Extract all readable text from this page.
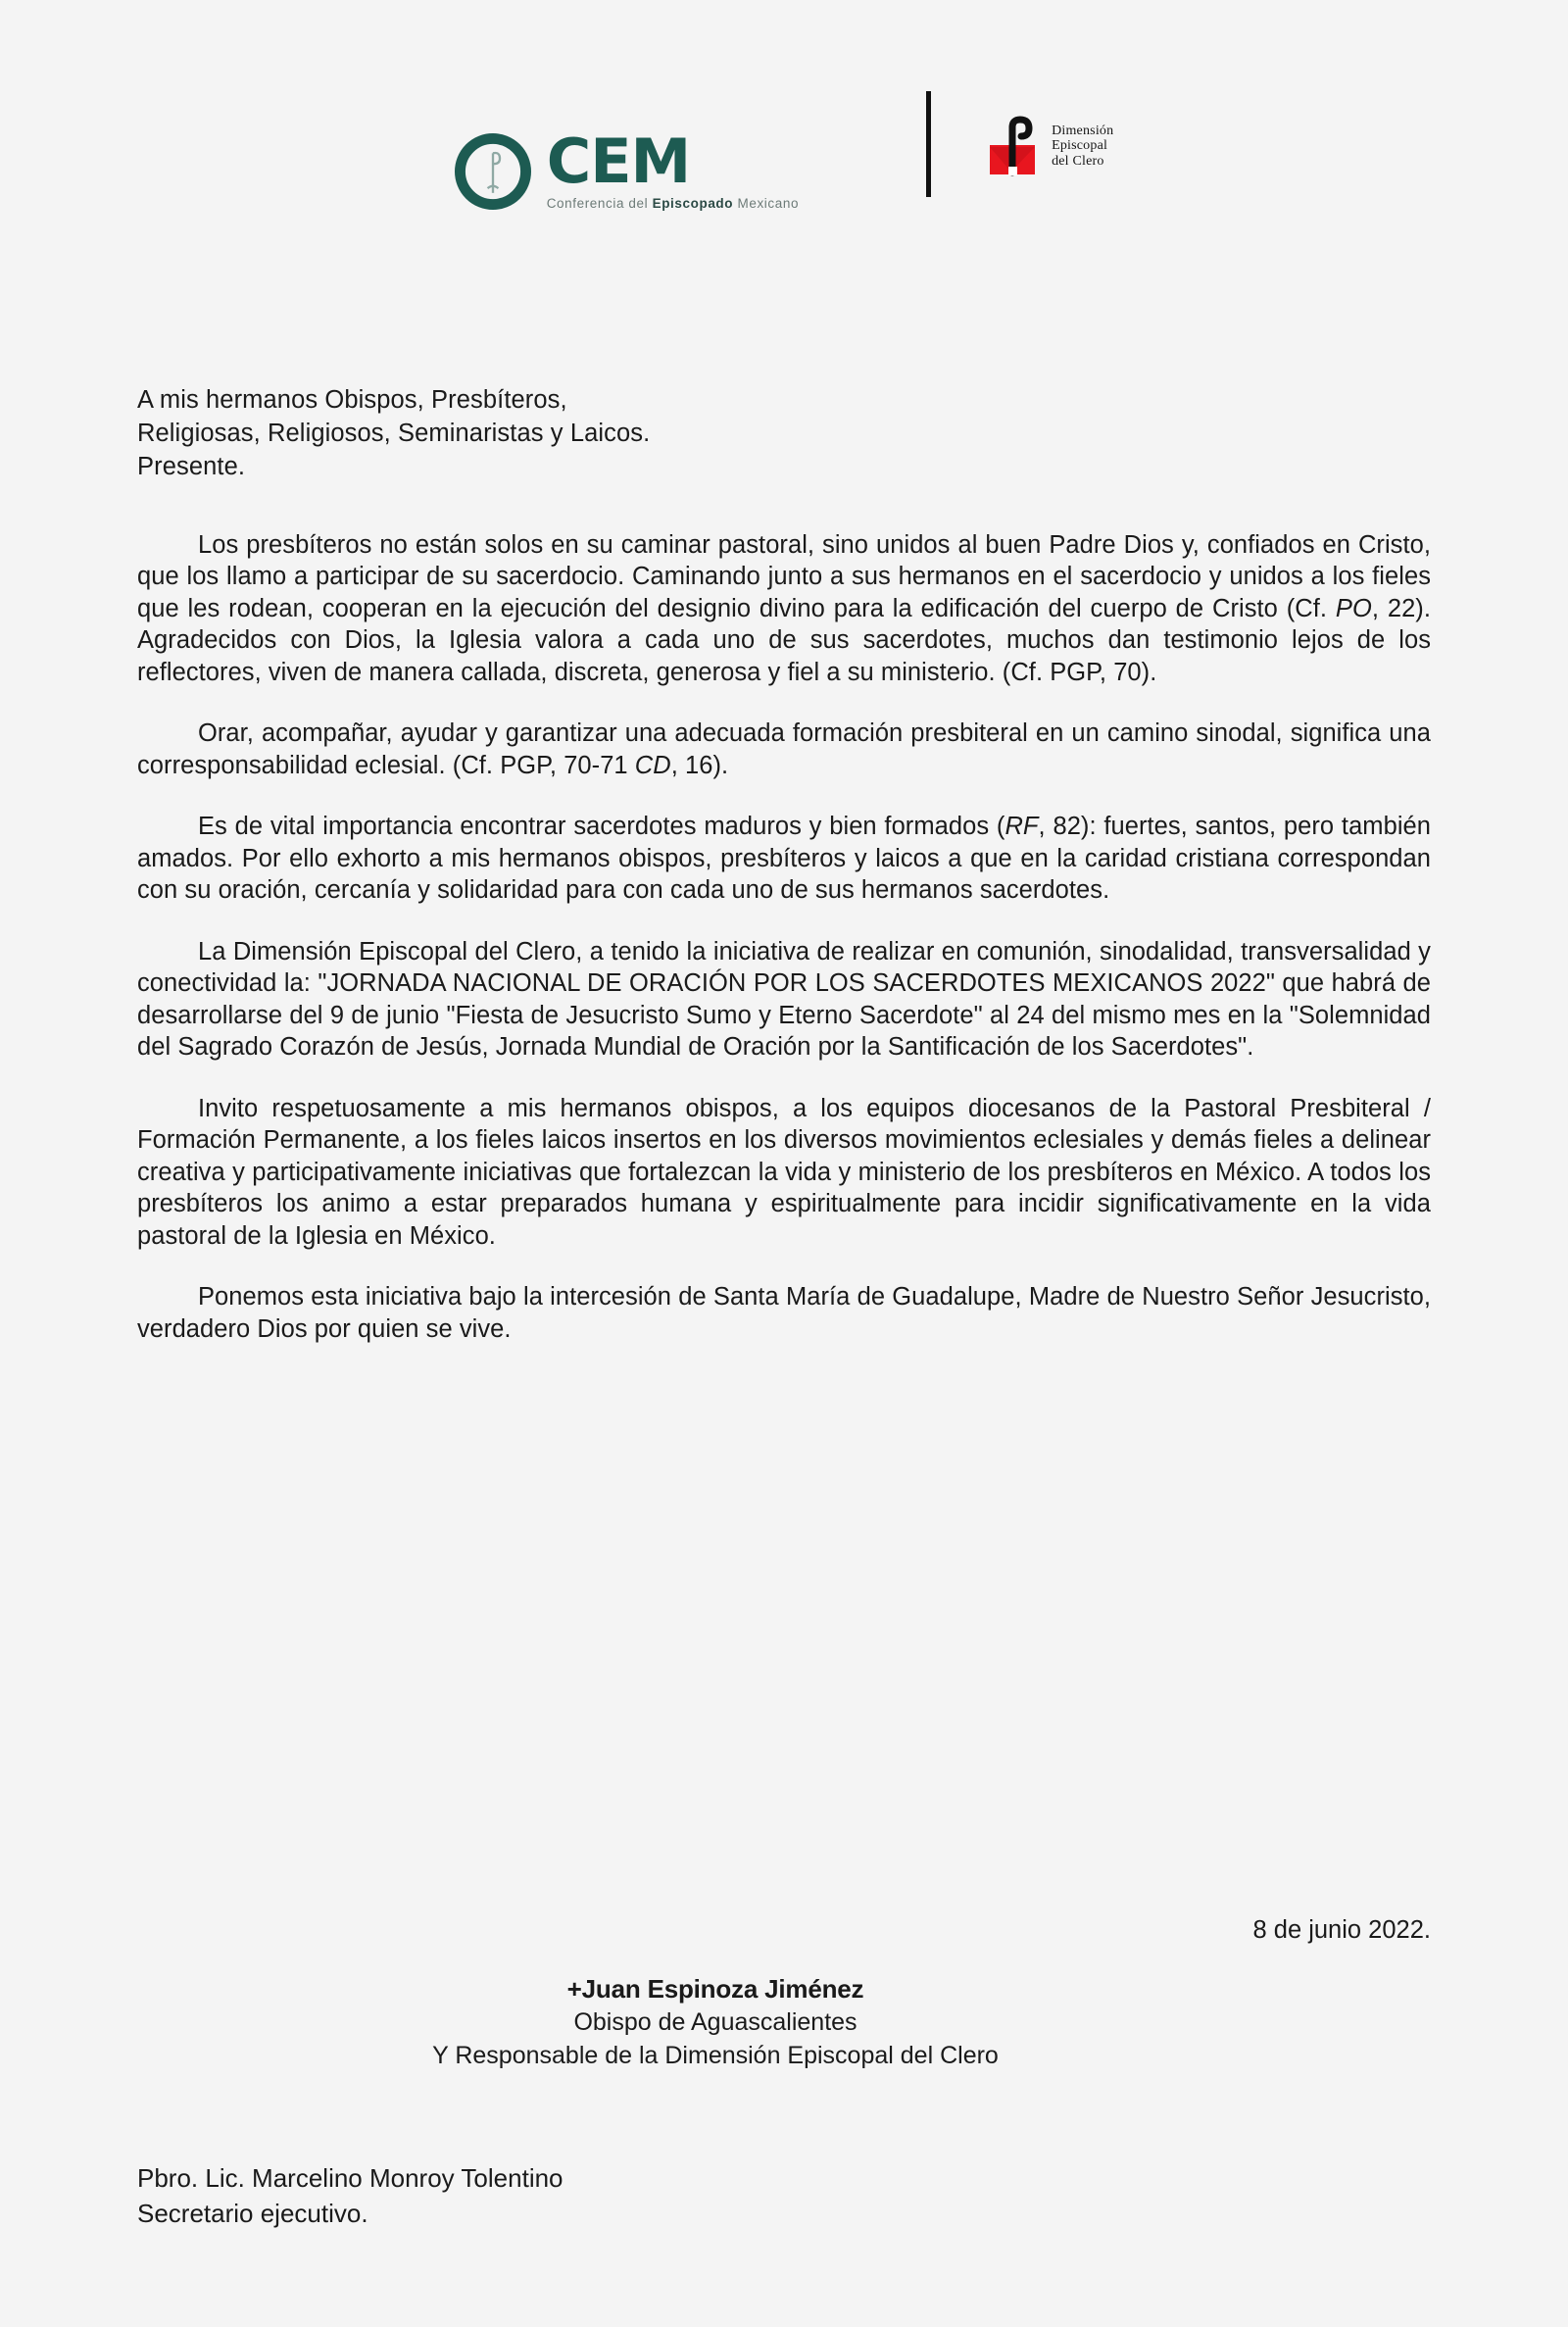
CEM
Conferencia del Episcopado Mexicano
Dimensión
Episcopal
del Clero
A mis hermanos Obispos, Presbíteros,
Religiosas, Religiosos, Seminaristas y Laicos.
Presente.

Los presbíteros no están solos en su caminar pastoral, sino unidos al buen Padre Dios y, confiados en Cristo, que los llamo a participar de su sacerdocio. Caminando junto a sus hermanos en el sacerdocio y unidos a los fieles que les rodean, cooperan en la ejecución del designio divino para la edificación del cuerpo de Cristo (Cf. PO, 22). Agradecidos con Dios, la Iglesia valora a cada uno de sus sacerdotes, muchos dan testimonio lejos de los reflectores, viven de manera callada, discreta, generosa y fiel a su ministerio. (Cf. PGP, 70).

Orar, acompañar, ayudar y garantizar una adecuada formación presbiteral en un camino sinodal, significa una corresponsabilidad eclesial. (Cf. PGP, 70-71 CD, 16).

Es de vital importancia encontrar sacerdotes maduros y bien formados (RF, 82): fuertes, santos, pero también amados. Por ello exhorto a mis hermanos obispos, presbíteros y laicos a que en la caridad cristiana correspondan con su oración, cercanía y solidaridad para con cada uno de sus hermanos sacerdotes.

La Dimensión Episcopal del Clero, a tenido la iniciativa de realizar en comunión, sinodalidad, transversalidad y conectividad la: "JORNADA NACIONAL DE ORACIÓN POR LOS SACERDOTES MEXICANOS 2022" que habrá de desarrollarse del 9 de junio "Fiesta de Jesucristo Sumo y Eterno Sacerdote" al 24 del mismo mes en la "Solemnidad del Sagrado Corazón de Jesús, Jornada Mundial de Oración por la Santificación de los Sacerdotes".

Invito respetuosamente a mis hermanos obispos, a los equipos diocesanos de la Pastoral Presbiteral / Formación Permanente, a los fieles laicos insertos en los diversos movimientos eclesiales y demás fieles a delinear creativa y participativamente iniciativas que fortalezcan la vida y ministerio de los presbíteros en México. A todos los presbíteros los animo a estar preparados humana y espiritualmente para incidir significativamente en la vida pastoral de la Iglesia en México.

Ponemos esta iniciativa bajo la intercesión de Santa María de Guadalupe, Madre de Nuestro Señor Jesucristo, verdadero Dios por quien se vive.

8 de junio 2022.
+Juan Espinoza Jiménez
Obispo de Aguascalientes
Y Responsable de la Dimensión Episcopal del Clero
Pbro. Lic. Marcelino Monroy Tolentino
Secretario ejecutivo.
